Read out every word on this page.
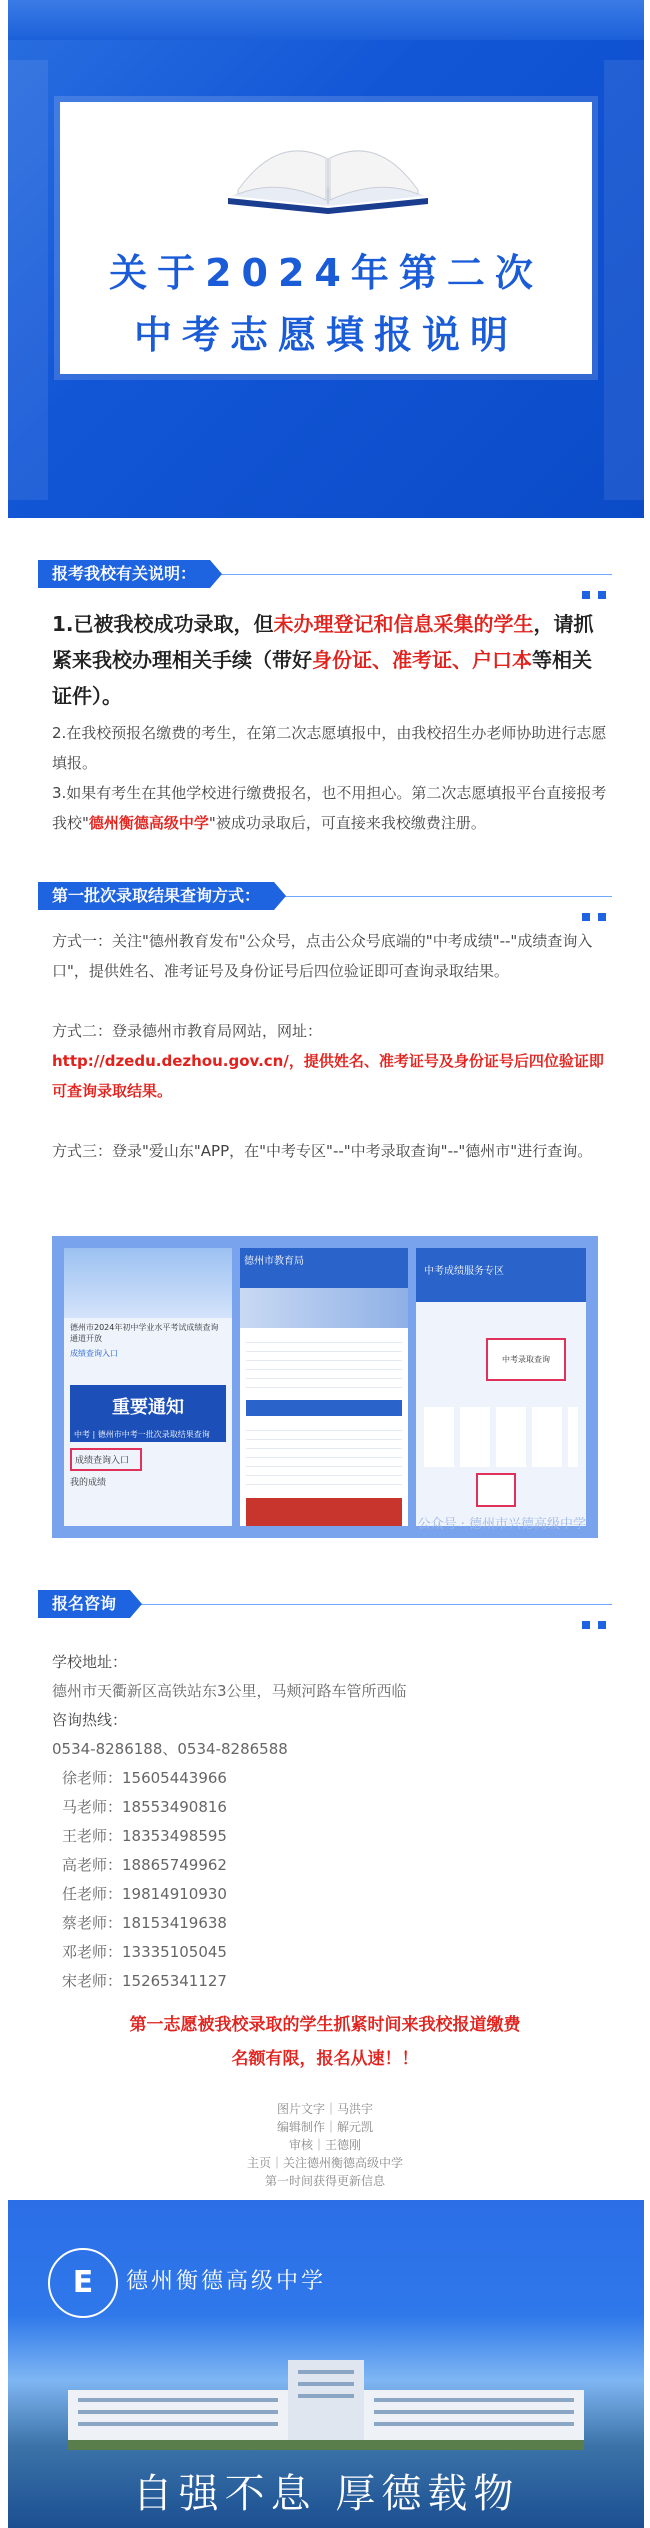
关于2024年第二次
中考志愿填报说明
报考我校有关说明：
1.已被我校成功录取，但未办理登记和信息采集的学生，请抓紧来我校办理相关手续（带好身份证、准考证、户口本等相关证件）。
2.在我校预报名缴费的考生，在第二次志愿填报中，由我校招生办老师协助进行志愿填报。
3.如果有考生在其他学校进行缴费报名，也不用担心。第二次志愿填报平台直接报考我校"德州衡德高级中学"被成功录取后，可直接来我校缴费注册。
第一批次录取结果查询方式：
方式一：关注"德州教育发布"公众号，点击公众号底端的"中考成绩"--"成绩查询入口"，提供姓名、准考证号及身份证号后四位验证即可查询录取结果。
方式二：登录德州市教育局网站，网址：
http://dzedu.dezhou.gov.cn/，提供姓名、准考证号及身份证号后四位验证即可查询录取结果。
方式三：登录"爱山东"APP，在"中考专区"--"中考录取查询"--"德州市"进行查询。
德州市2024年初中学业水平考试成绩查询通道开放
成绩查询入口
重要通知
中考 | 德州市中考一批次录取结果查询
成绩查询入口
我的成绩
德州市教育局
中考成绩服务专区
中考录取查询
公众号 · 德州市兴德高级中学
报名咨询
学校地址：
德州市天衢新区高铁站东3公里，马颊河路车管所西临
咨询热线：
0534-8286188、0534-8286588
徐老师：15605443966
马老师：18553490816
王老师：18353498595
高老师：18865749962
任老师：19814910930
蔡老师：18153419638
邓老师：13335105045
宋老师：15265341127
第一志愿被我校录取的学生抓紧时间来我校报道缴费
名额有限，报名从速！！
图片文字｜马洪宇
编辑制作｜解元凯
审核｜王德刚
主页｜关注德州衡德高级中学
第一时间获得更新信息
E	德州衡德高级中学
自强不息 厚德载物
